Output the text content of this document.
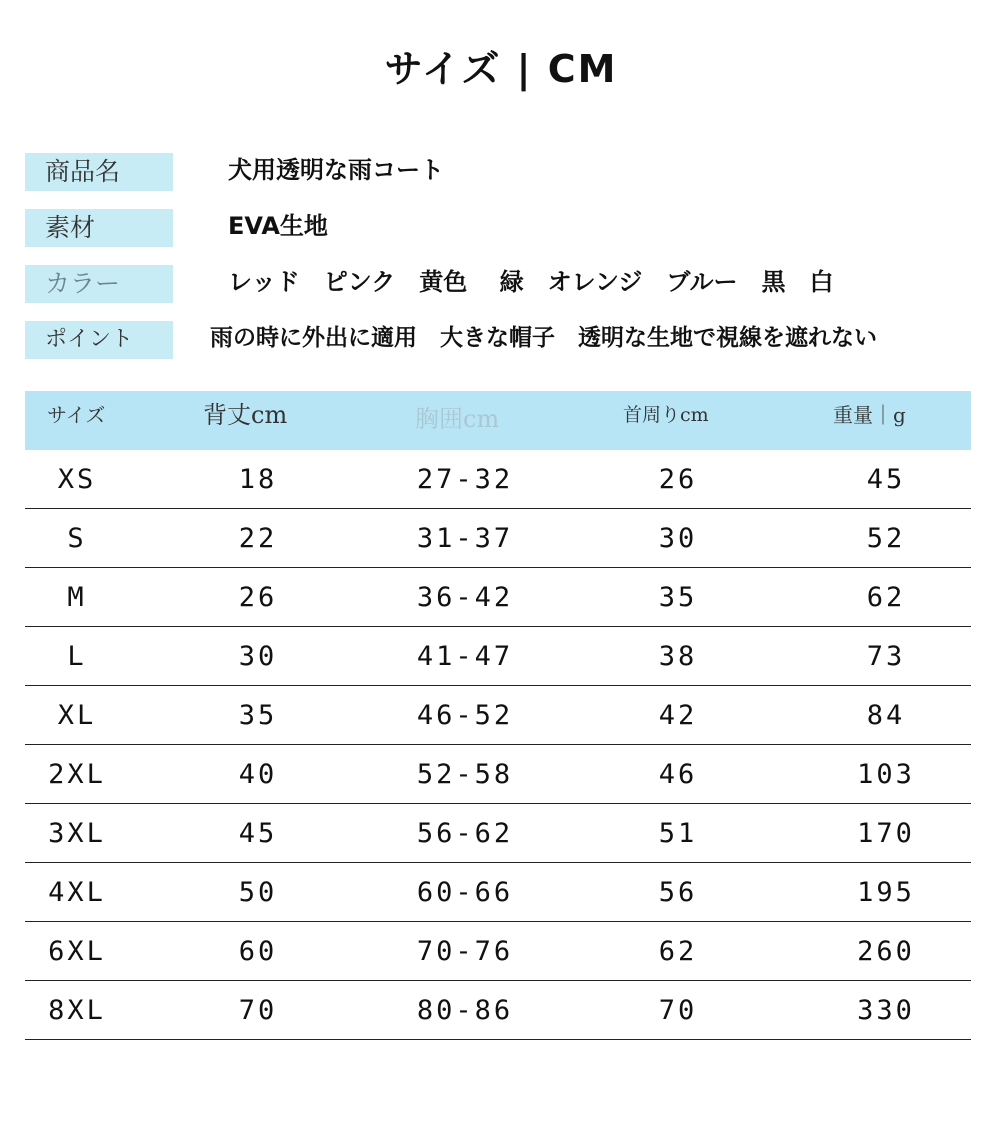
サイズ | CM
商品名	犬用透明な雨コート
素材	EVA生地
カラー	レッド　ピンク　黄色　 緑　オレンジ　ブルー　黒　白
ポイント	雨の時に外出に適用　大きな帽子　透明な生地で視線を遮れない
サイズ	背丈cm	胸囲cm	首周りcm	重量｜g
XS	18	27-32	26	45
S	22	31-37	30	52
M	26	36-42	35	62
L	30	41-47	38	73
XL	35	46-52	42	84
2XL	40	52-58	46	103
3XL	45	56-62	51	170
4XL	50	60-66	56	195
6XL	60	70-76	62	260
8XL	70	80-86	70	330
